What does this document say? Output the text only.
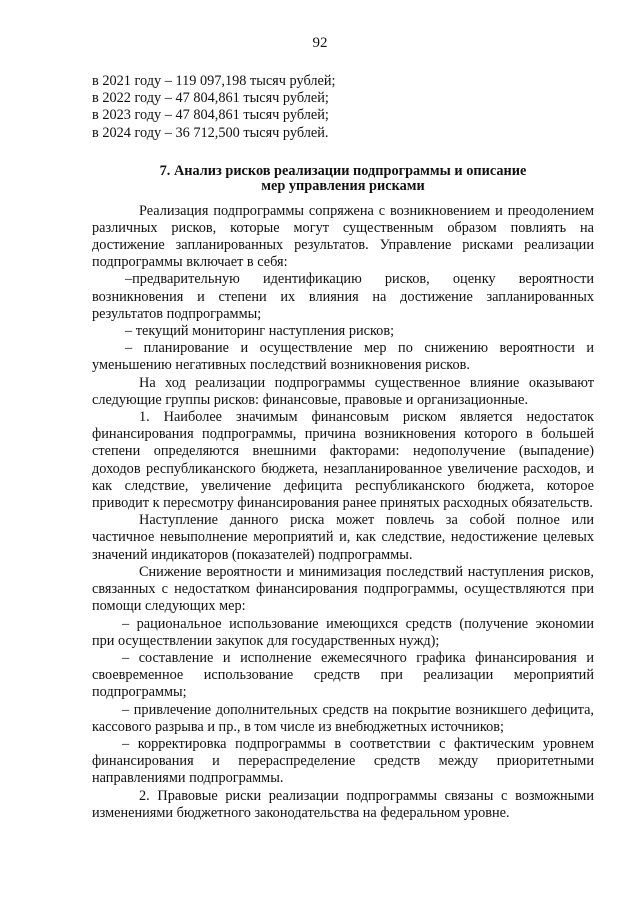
92

в 2021 году – 119 097,198 тысяч рублей;

в 2022 году – 47 804,861 тысяч рублей;

в 2023 году – 47 804,861 тысяч рублей;

в 2024 году – 36 712,500 тысяч рублей.

7. Анализ рисков реализации подпрограммы и описание
мер управления рисками

Реализация подпрограммы сопряжена с возникновением и преодолением различных рисков, которые могут существенным образом повлиять на достижение запланированных результатов. Управление рисками реализации подпрограммы включает в себя:

–предварительную идентификацию рисков, оценку вероятности возникновения и степени их влияния на достижение запланированных результатов подпрограммы;

– текущий мониторинг наступления рисков;

– планирование и осуществление мер по снижению вероятности и уменьшению негативных последствий возникновения рисков.

На ход реализации подпрограммы существенное влияние оказывают следующие группы рисков: финансовые, правовые и организационные.

1. Наиболее значимым финансовым риском является недостаток финансирования подпрограммы, причина возникновения которого в большей степени определяются внешними факторами: недополучение (выпадение) доходов республиканского бюджета, незапланированное увеличение расходов, и как следствие, увеличение дефицита республиканского бюджета, которое приводит к пересмотру финансирования ранее принятых расходных обязательств.

Наступление данного риска может повлечь за собой полное или частичное невыполнение мероприятий и, как следствие, недостижение целевых значений индикаторов (показателей) подпрограммы.

Снижение вероятности и минимизация последствий наступления рисков, связанных с недостатком финансирования подпрограммы, осуществляются при помощи следующих мер:

– рациональное использование имеющихся средств (получение экономии при осуществлении закупок для государственных нужд);

– составление и исполнение ежемесячного графика финансирования и своевременное использование средств при реализации мероприятий подпрограммы;

– привлечение дополнительных средств на покрытие возникшего дефицита, кассового разрыва и пр., в том числе из внебюджетных источников;

– корректировка подпрограммы в соответствии с фактическим уровнем финансирования и перераспределение средств между приоритетными направлениями подпрограммы.

2. Правовые риски реализации подпрограммы связаны с возможными изменениями бюджетного законодательства на федеральном уровне.
